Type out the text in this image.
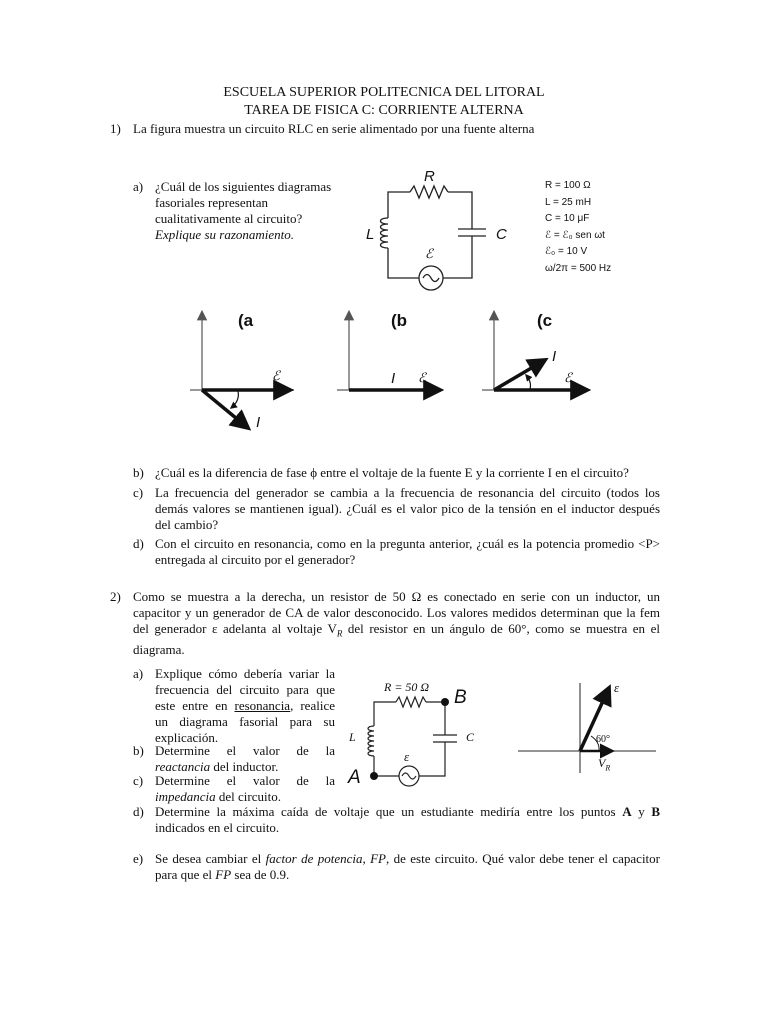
ESCUELA SUPERIOR POLITECNICA DEL LITORAL
TAREA DE FISICA C: CORRIENTE ALTERNA
1) La figura muestra un circuito RLC en serie alimentado por una fuente alterna
a) ¿Cuál de los siguientes diagramas fasoriales representan cualitativamente al circuito? Explique su razonamiento.
R
L	C
ℰ
R = 100 Ω
L = 25 mH
C = 10 μF
ℰ = ℰ₀ sen ωt
ℰ₀ = 10 V
ω/2π = 500 Hz
(a
ℰ
I
(b
ℰ
I
(c
ℰ
I
b) ¿Cuál es la diferencia de fase ϕ entre el voltaje de la fuente E y la corriente I en el circuito?
c) La frecuencia del generador se cambia a la frecuencia de resonancia del circuito (todos los demás valores se mantienen igual). ¿Cuál es el valor pico de la tensión en el inductor después del cambio?
d) Con el circuito en resonancia, como en la pregunta anterior, ¿cuál es la potencia promedio <P> entregada al circuito por el generador?
2) Como se muestra a la derecha, un resistor de 50 Ω es conectado en serie con un inductor, un capacitor y un generador de CA de valor desconocido. Los valores medidos determinan que la fem del generador ε adelanta al voltaje $V_R$ del resistor en un ángulo de 60°, como se muestra en el diagrama.
a) Explique cómo debería variar la frecuencia del circuito para que este entre en resonancia, realice un diagrama fasorial para su explicación.
b) Determine el valor de la reactancia del inductor.
c) Determine el valor de la impedancia del circuito.
d) Determine la máxima caída de voltaje que un estudiante mediría entre los puntos A y B indicados en el circuito.
e) Se desea cambiar el factor de potencia, FP, de este circuito. Qué valor debe tener el capacitor para que el FP sea de 0.9.
R = 50 Ω
L	C
ε
A
B	ε
60°
$V_R$
